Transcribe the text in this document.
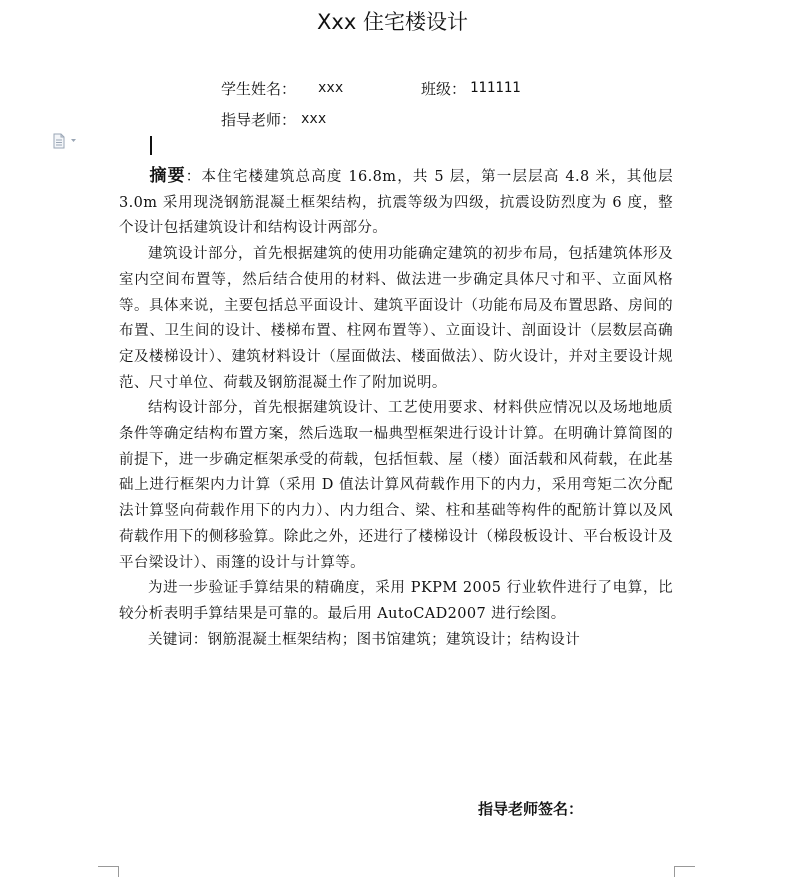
Xxx 住宅楼设计
学生姓名： xxx	班级： 111111
指导老师： xxx

摘要：本住宅楼建筑总高度 16.8m，共 5 层，第一层层高 4.8 米，其他层 3.0m 采用现浇钢筋混凝土框架结构，抗震等级为四级，抗震设防烈度为 6 度，整个设计包括建筑设计和结构设计两部分。

建筑设计部分，首先根据建筑的使用功能确定建筑的初步布局，包括建筑体形及室内空间布置等，然后结合使用的材料、做法进一步确定具体尺寸和平、立面风格等。具体来说，主要包括总平面设计、建筑平面设计（功能布局及布置思路、房间的布置、卫生间的设计、楼梯布置、柱网布置等）、立面设计、剖面设计（层数层高确定及楼梯设计）、建筑材料设计（屋面做法、楼面做法）、防火设计，并对主要设计规范、尺寸单位、荷载及钢筋混凝土作了附加说明。

结构设计部分，首先根据建筑设计、工艺使用要求、材料供应情况以及场地地质条件等确定结构布置方案，然后选取一榀典型框架进行设计计算。在明确计算简图的前提下，进一步确定框架承受的荷载，包括恒载、屋（楼）面活载和风荷载，在此基础上进行框架内力计算（采用 D 值法计算风荷载作用下的内力，采用弯矩二次分配法计算竖向荷载作用下的内力）、内力组合、梁、柱和基础等构件的配筋计算以及风荷载作用下的侧移验算。除此之外，还进行了楼梯设计（梯段板设计、平台板设计及平台梁设计）、雨篷的设计与计算等。

为进一步验证手算结果的精确度，采用 PKPM 2005 行业软件进行了电算，比较分析表明手算结果是可靠的。最后用 AutoCAD2007 进行绘图。

关键词：钢筋混凝土框架结构；图书馆建筑；建筑设计；结构设计

指导老师签名：
